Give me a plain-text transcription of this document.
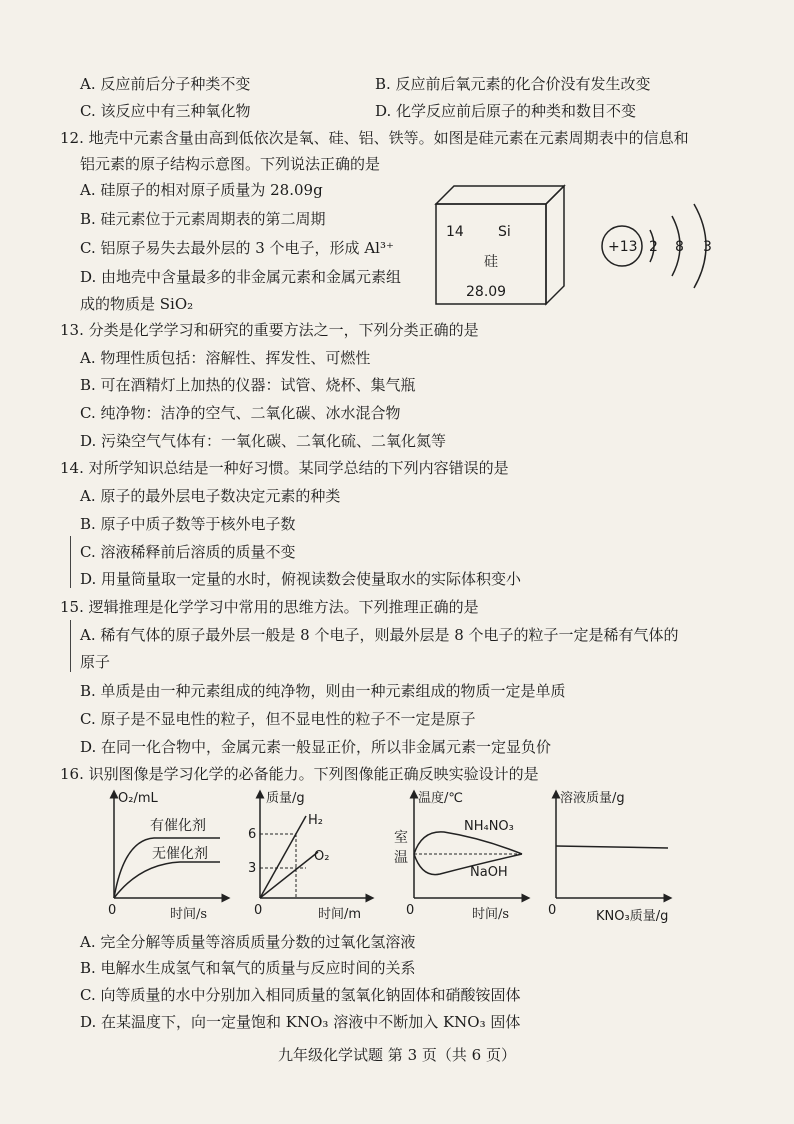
A. 反应前后分子种类不变	B. 反应前后氧元素的化合价没有发生改变
C. 该反应中有三种氧化物	D. 化学反应前后原子的种类和数目不变
12. 地壳中元素含量由高到低依次是氧、硅、铝、铁等。如图是硅元素在元素周期表中的信息和
铝元素的原子结构示意图。下列说法正确的是
A. 硅原子的相对原子质量为 28.09g
B. 硅元素位于元素周期表的第二周期
C. 铝原子易失去最外层的 3 个电子，形成 Al³⁺
D. 由地壳中含量最多的非金属元素和金属元素组
成的物质是 SiO₂
14 Si
硅
28.09
+13 2 8 3
13. 分类是化学学习和研究的重要方法之一，下列分类正确的是
A. 物理性质包括：溶解性、挥发性、可燃性
B. 可在酒精灯上加热的仪器：试管、烧杯、集气瓶
C. 纯净物：洁净的空气、二氧化碳、冰水混合物
D. 污染空气气体有：一氧化碳、二氧化硫、二氧化氮等
14. 对所学知识总结是一种好习惯。某同学总结的下列内容错误的是
A. 原子的最外层电子数决定元素的种类
B. 原子中质子数等于核外电子数
C. 溶液稀释前后溶质的质量不变
D. 用量筒量取一定量的水时，俯视读数会使量取水的实际体积变小
15. 逻辑推理是化学学习中常用的思维方法。下列推理正确的是
A. 稀有气体的原子最外层一般是 8 个电子，则最外层是 8 个电子的粒子一定是稀有气体的
原子
B. 单质是由一种元素组成的纯净物，则由一种元素组成的物质一定是单质
C. 原子是不显电性的粒子，但不显电性的粒子不一定是原子
D. 在同一化合物中，金属元素一般显正价，所以非金属元素一定显负价
16. 识别图像是学习化学的必备能力。下列图像能正确反映实验设计的是
O₂/mL
0	时间/s
有催化剂
无催化剂
质量/g
0	时间/m
6
3
H₂
O₂
温度/℃
0	时间/s
室
温
NH₄NO₃
NaOH
溶液质量/g
0	KNO₃质量/g
A. 完全分解等质量等溶质质量分数的过氧化氢溶液
B. 电解水生成氢气和氧气的质量与反应时间的关系
C. 向等质量的水中分别加入相同质量的氢氧化钠固体和硝酸铵固体
D. 在某温度下，向一定量饱和 KNO₃ 溶液中不断加入 KNO₃ 固体
九年级化学试题 第 3 页（共 6 页）
